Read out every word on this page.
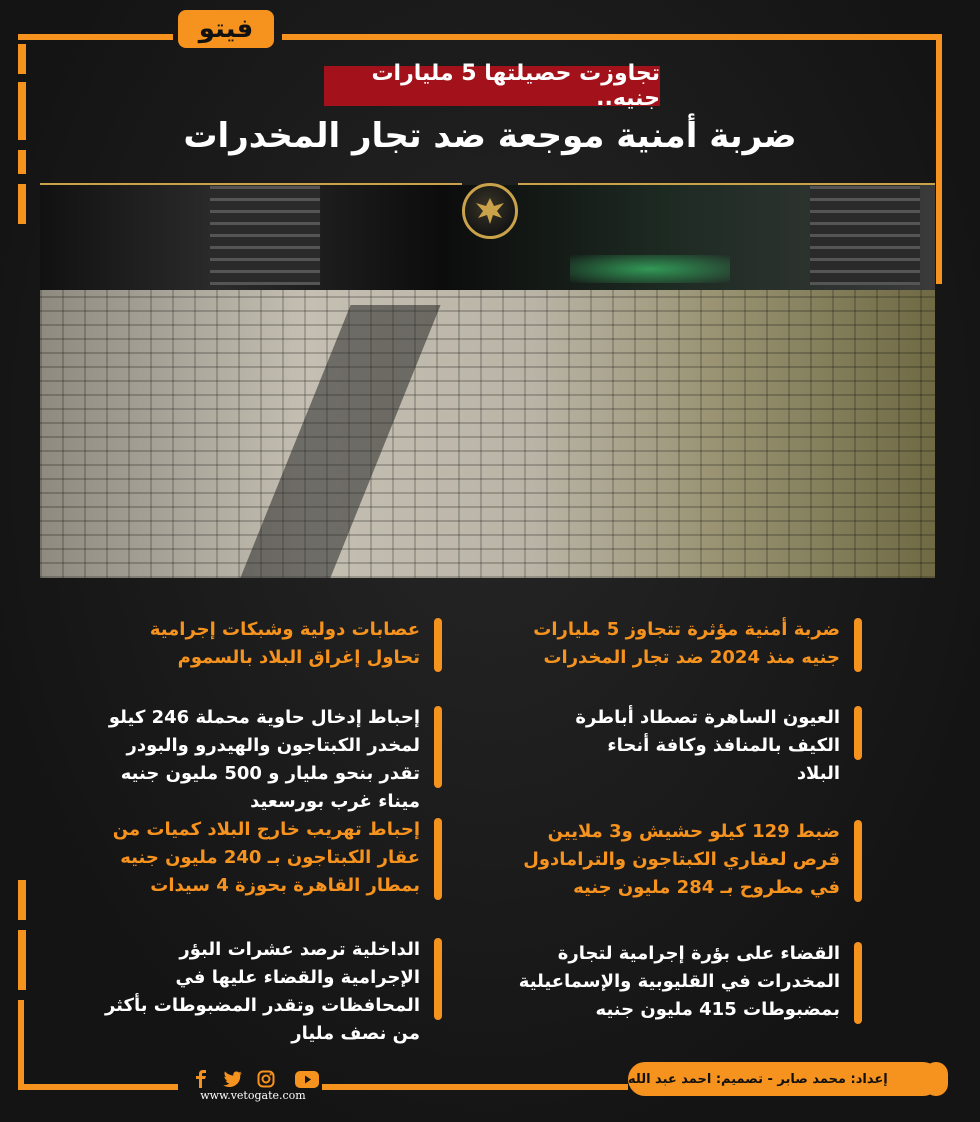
فيتو
تجاوزت حصيلتها 5 مليارات جنيه..
ضربة أمنية موجعة ضد تجار المخدرات
ضربة أمنية مؤثرة تتجاوز 5 مليارات جنيه منذ 2024 ضد تجار المخدرات
العيون الساهرة تصطاد أباطرة الكيف بالمنافذ وكافة أنحاء البلاد
ضبط 129 كيلو حشيش و3 ملايين قرص لعقاري الكبتاجون والترامادول في مطروح بـ 284 مليون جنيه
القضاء على بؤرة إجرامية لتجارة المخدرات في القليوبية والإسماعيلية بمضبوطات 415 مليون جنيه
عصابات دولية وشبكات إجرامية تحاول إغراق البلاد بالسموم
إحباط إدخال حاوية محملة 246 كيلو لمخدر الكبتاجون والهيدرو والبودر تقدر بنحو مليار و 500 مليون جنيه ميناء غرب بورسعيد
إحباط تهريب خارج البلاد كميات من عقار الكبتاجون بـ 240 مليون جنيه بمطار القاهرة بحوزة 4 سيدات
الداخلية ترصد عشرات البؤر الإجرامية والقضاء عليها في المحافظات وتقدر المضبوطات بأكثر من نصف مليار
www.vetogate.com
إعداد: محمد صابر - تصميم: احمد عبد الله
